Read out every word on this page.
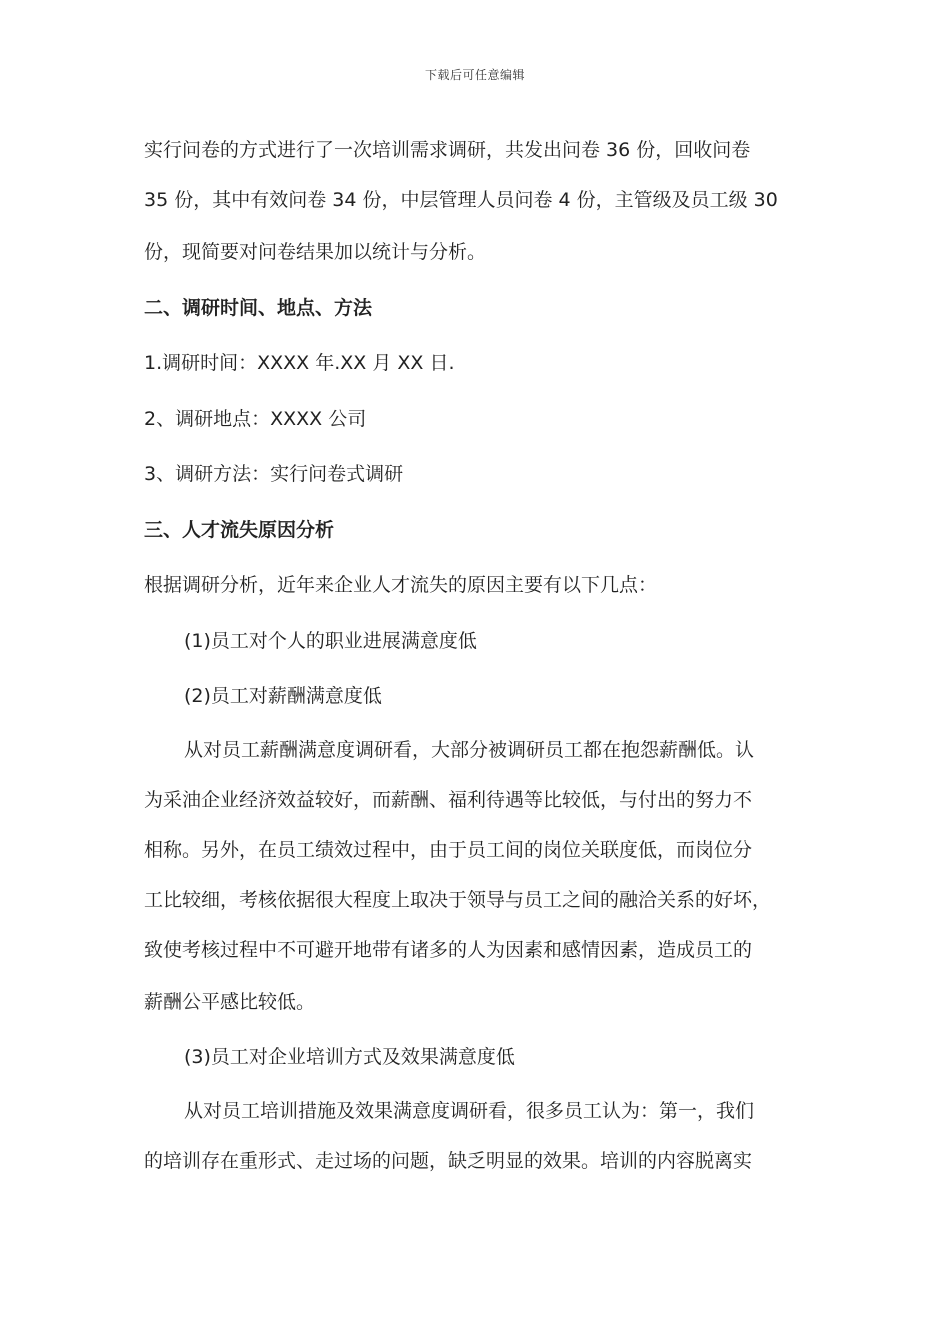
下载后可任意编辑
实行问卷的方式进行了一次培训需求调研，共发出问卷 36 份，回收问卷
35 份，其中有效问卷 34 份，中层管理人员问卷 4 份，主管级及员工级 30
份，现简要对问卷结果加以统计与分析。
二、调研时间、地点、方法
1.调研时间：XXXX 年.XX 月 XX 日.
2、调研地点：XXXX 公司
3、调研方法：实行问卷式调研
三、人才流失原因分析
根据调研分析，近年来企业人才流失的原因主要有以下几点：
(1)员工对个人的职业进展满意度低
(2)员工对薪酬满意度低
从对员工薪酬满意度调研看，大部分被调研员工都在抱怨薪酬低。认
为采油企业经济效益较好，而薪酬、福利待遇等比较低，与付出的努力不
相称。另外，在员工绩效过程中，由于员工间的岗位关联度低，而岗位分
工比较细，考核依据很大程度上取决于领导与员工之间的融洽关系的好坏，
致使考核过程中不可避开地带有诸多的人为因素和感情因素，造成员工的
薪酬公平感比较低。
(3)员工对企业培训方式及效果满意度低
从对员工培训措施及效果满意度调研看，很多员工认为：第一，我们
的培训存在重形式、走过场的问题，缺乏明显的效果。培训的内容脱离实
